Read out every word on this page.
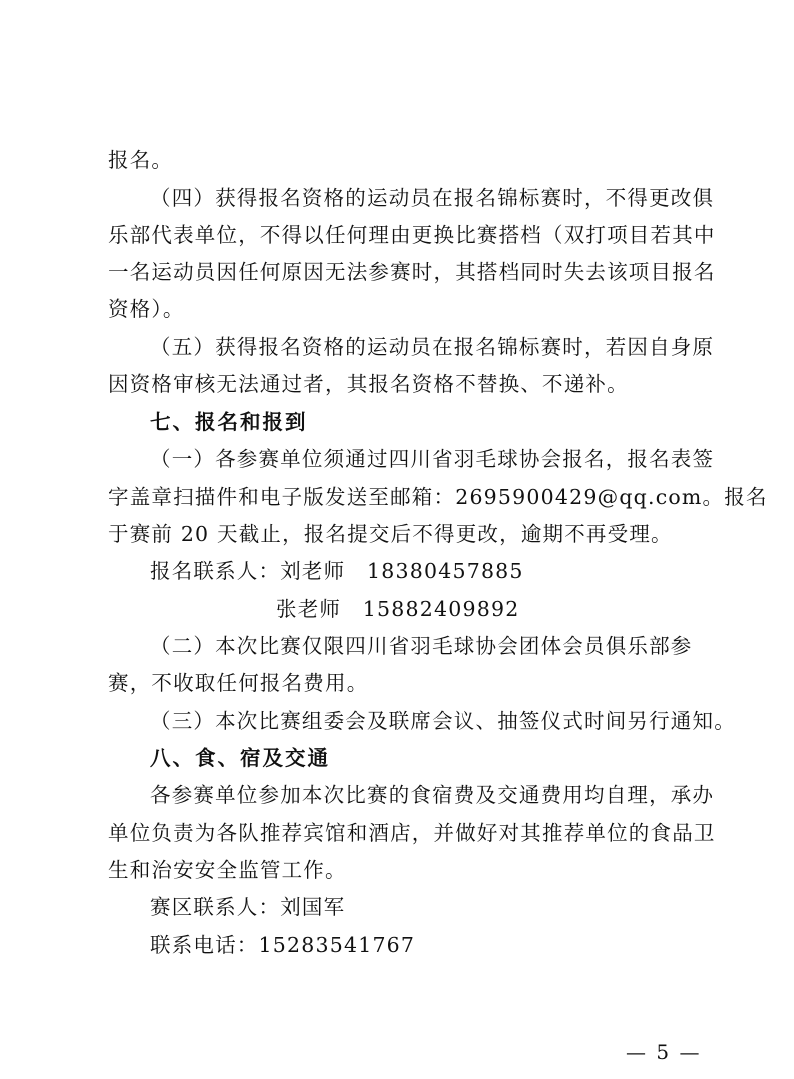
报名。

（四）获得报名资格的运动员在报名锦标赛时，不得更改俱

乐部代表单位，不得以任何理由更换比赛搭档（双打项目若其中

一名运动员因任何原因无法参赛时，其搭档同时失去该项目报名

资格）。

（五）获得报名资格的运动员在报名锦标赛时，若因自身原

因资格审核无法通过者，其报名资格不替换、不递补。

七、报名和报到

（一）各参赛单位须通过四川省羽毛球协会报名，报名表签

字盖章扫描件和电子版发送至邮箱：2695900429@qq.com。报名

于赛前 20 天截止，报名提交后不得更改，逾期不再受理。

报名联系人：刘老师　18380457885

张老师　15882409892

（二）本次比赛仅限四川省羽毛球协会团体会员俱乐部参

赛，不收取任何报名费用。

（三）本次比赛组委会及联席会议、抽签仪式时间另行通知。

八、食、宿及交通

各参赛单位参加本次比赛的食宿费及交通费用均自理，承办

单位负责为各队推荐宾馆和酒店，并做好对其推荐单位的食品卫

生和治安安全监管工作。

赛区联系人：刘国军

联系电话：15283541767

— 5 —
